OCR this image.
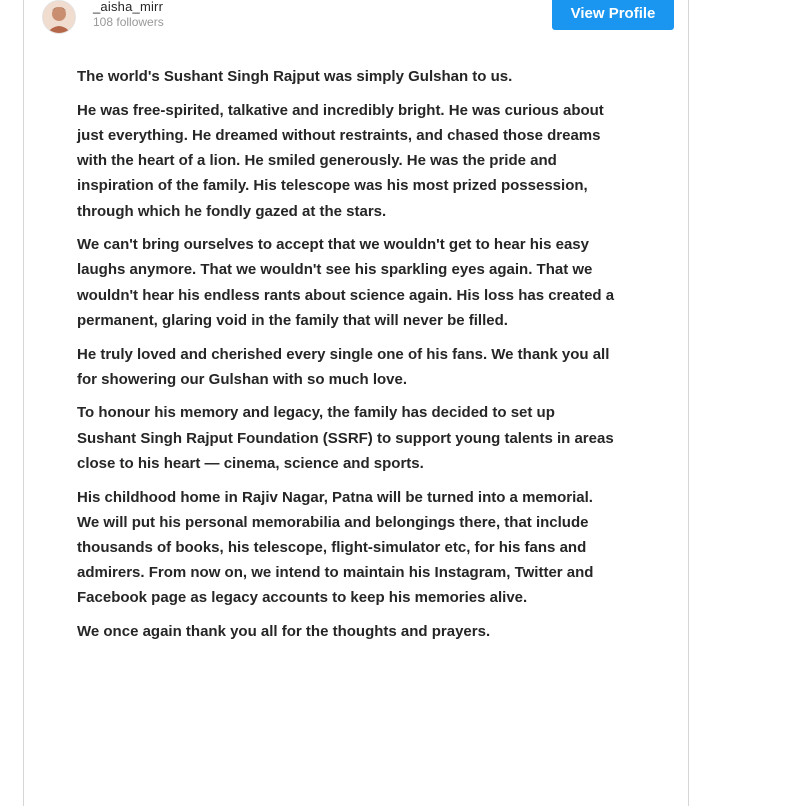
_aisha_mirr
108 followers
View Profile

The world's Sushant Singh Rajput was simply Gulshan to us.

He was free-spirited, talkative and incredibly bright. He was curious about just everything. He dreamed without restraints, and chased those dreams with the heart of a lion. He smiled generously. He was the pride and inspiration of the family. His telescope was his most prized possession, through which he fondly gazed at the stars.

We can't bring ourselves to accept that we wouldn't get to hear his easy laughs anymore. That we wouldn't see his sparkling eyes again. That we wouldn't hear his endless rants about science again. His loss has created a permanent, glaring void in the family that will never be filled.

He truly loved and cherished every single one of his fans. We thank you all for showering our Gulshan with so much love.

To honour his memory and legacy, the family has decided to set up Sushant Singh Rajput Foundation (SSRF) to support young talents in areas close to his heart — cinema, science and sports.

His childhood home in Rajiv Nagar, Patna will be turned into a memorial. We will put his personal memorabilia and belongings there, that include thousands of books, his telescope, flight-simulator etc, for his fans and admirers. From now on, we intend to maintain his Instagram, Twitter and Facebook page as legacy accounts to keep his memories alive.

We once again thank you all for the thoughts and prayers.
